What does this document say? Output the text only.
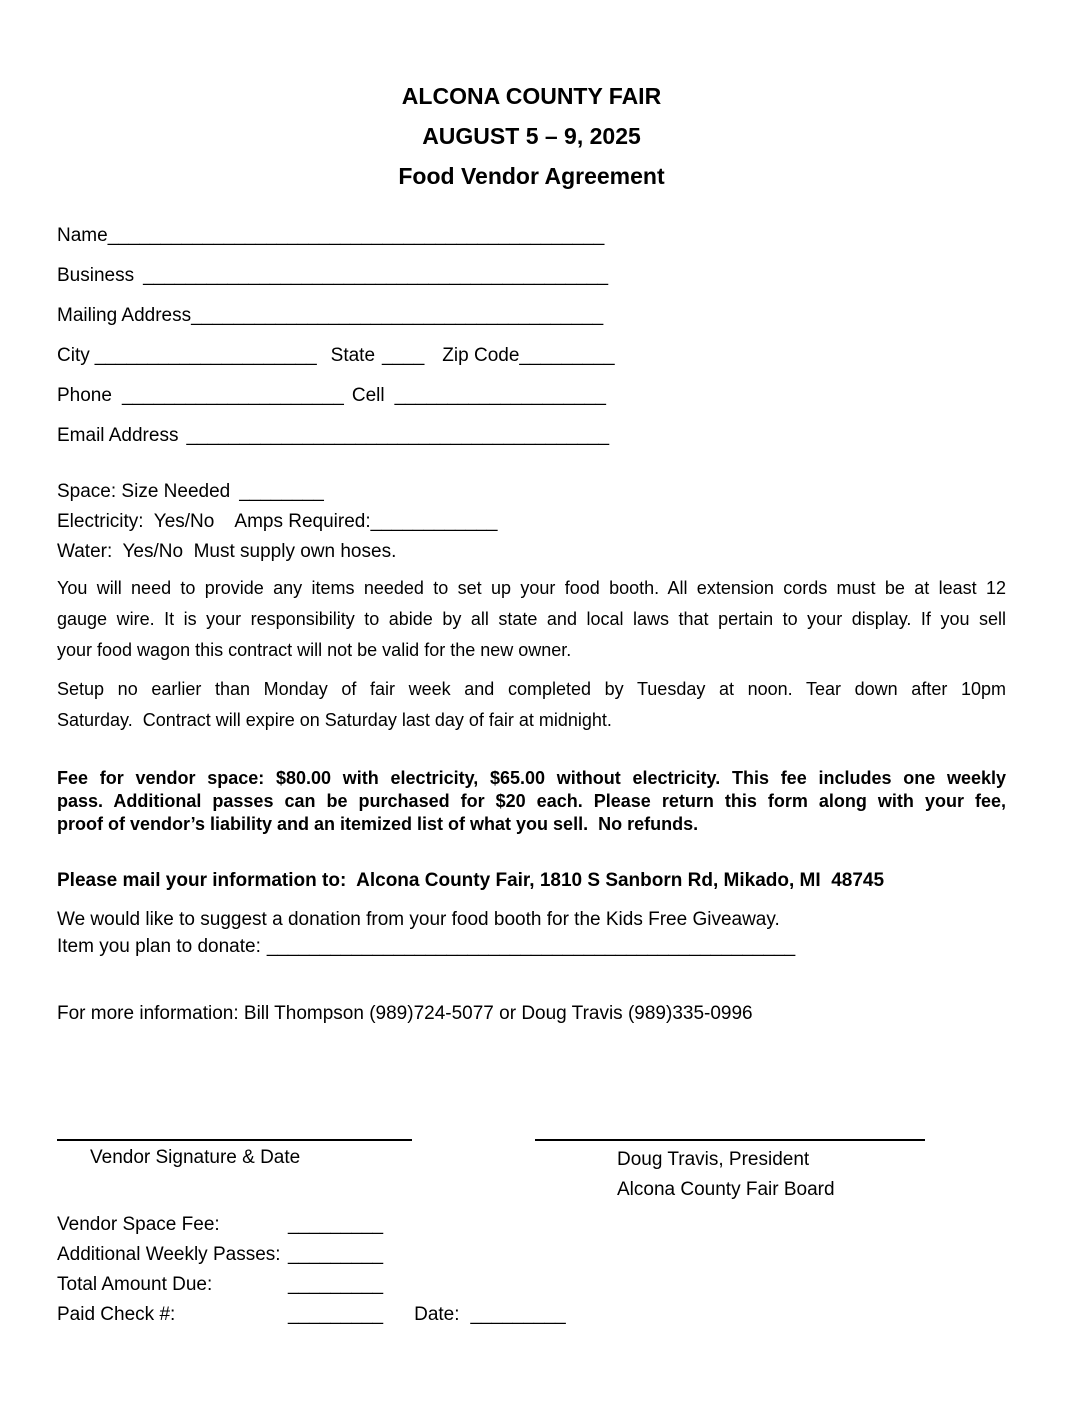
ALCONA COUNTY FAIR
AUGUST 5 – 9, 2025
Food Vendor Agreement
Name_______________________________________________
Business ____________________________________________
Mailing Address_______________________________________
City _____________________ State ____ Zip Code_________
Phone _____________________ Cell ____________________
Email Address ________________________________________
Space: Size Needed ________
Electricity:  Yes/No    Amps Required:____________
Water:  Yes/No  Must supply own hoses.
You will need to provide any items needed to set up your food booth. All extension cords must be at least 12
gauge wire. It is your responsibility to abide by all state and local laws that pertain to your display. If you sell
your food wagon this contract will not be valid for the new owner.
Setup no earlier than Monday of fair week and completed by Tuesday at noon. Tear down after 10pm
Saturday.  Contract will expire on Saturday last day of fair at midnight.
Fee for vendor space: $80.00 with electricity, $65.00 without electricity. This fee includes one weekly
pass. Additional passes can be purchased for $20 each. Please return this form along with your fee,
proof of vendor’s liability and an itemized list of what you sell.  No refunds.
Please mail your information to:  Alcona County Fair, 1810 S Sanborn Rd, Mikado, MI  48745
We would like to suggest a donation from your food booth for the Kids Free Giveaway.
Item you plan to donate: __________________________________________________
For more information: Bill Thompson (989)724-5077 or Doug Travis (989)335-0996
Vendor Signature & Date	Doug Travis, President
Alcona County Fair Board
Vendor Space Fee:	_________
Additional Weekly Passes: _________
Total Amount Due:	_________
Paid Check #:	_________ Date: _________
